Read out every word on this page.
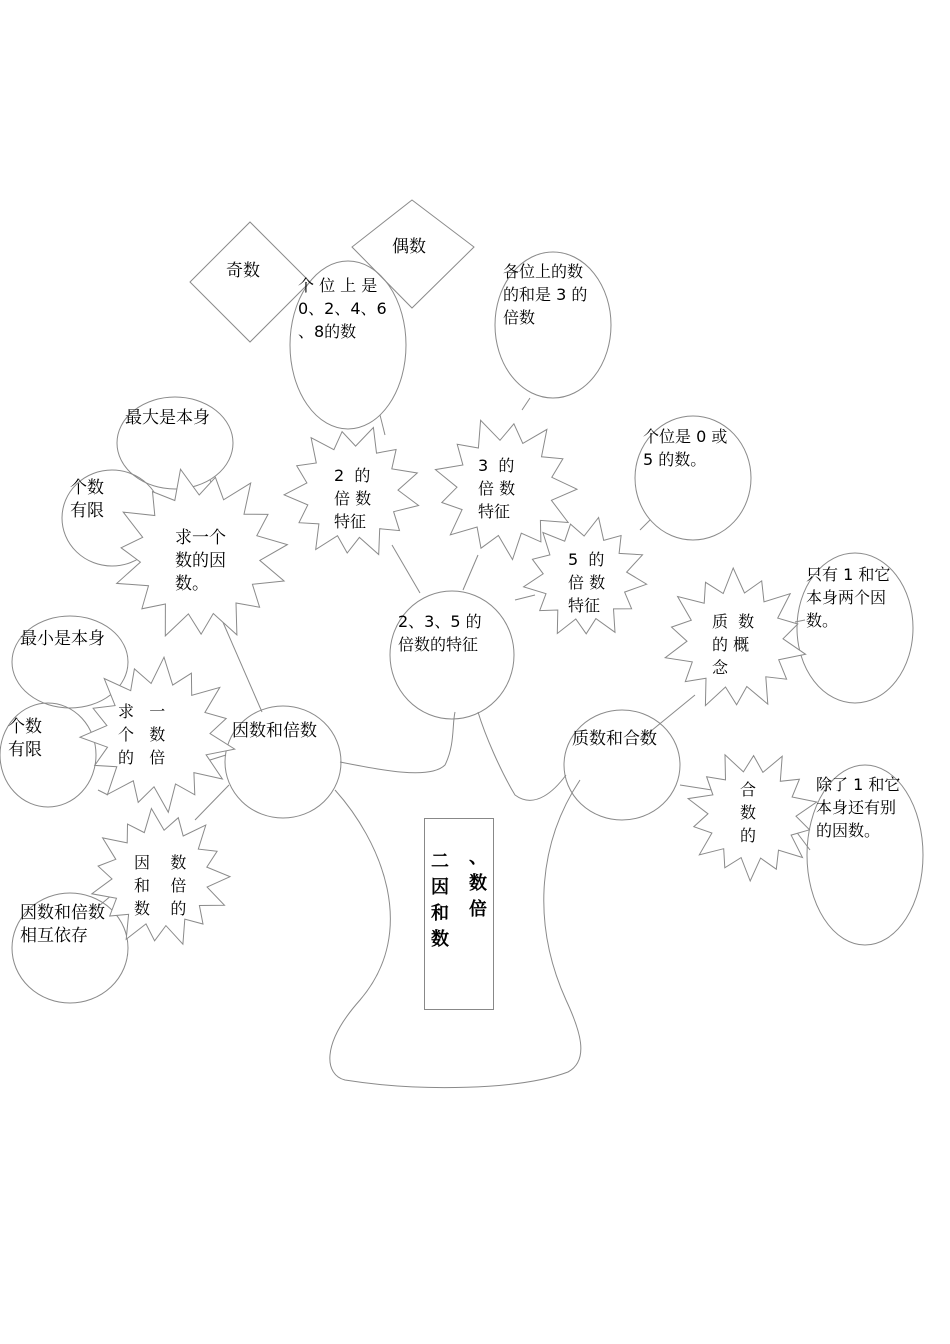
奇数
偶数
个 位 上 是
0、2、4、6
、8的数
各位上的数
的和是 3 的
倍数
2  的
倍 数
特征
3  的
倍 数
特征
个位是 0 或
5 的数。
5  的
倍 数
特征
2、3、5 的
倍数的特征
最大是本身
个数
有限
求一个
数的因
数。
最小是本身
个数
有限
求   一
个   数
的   倍
因数和倍数
因    数
和    倍
数    的
因数和倍数
相互依存
质数和合数
质  数
的 概
念
只有 1 和它
本身两个因
数。
合
数
的
除了 1 和它
本身还有别
的因数。
二
因
和
数
、
数
倍
